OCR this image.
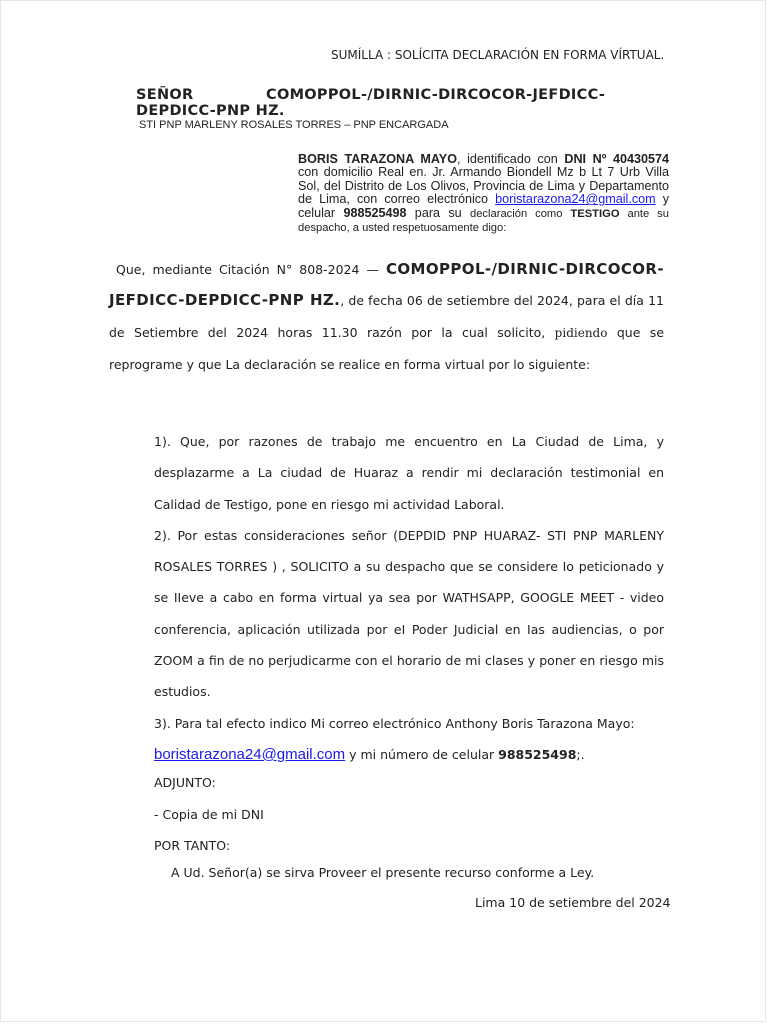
SUMÍLLA : SOLÍCITA DECLARACIÓN EN FORMA VÍRTUAL.
SEÑOR	COMOPPOL-/DIRNIC-DIRCOCOR-JEFDICC-
DEPDICC-PNP HZ.
STI PNP MARLENY ROSALES TORRES – PNP ENCARGADA
BORIS TARAZONA MAYO, identificado con DNI Nº 40430574 con domicilio Real en. Jr. Armando Biondell Mz b Lt 7 Urb Villa Sol, del Distrito de Los Olivos, Provincia de Lima y Departamento de Lima, con correo electrónico boristarazona24@gmail.com y celular 988525498 para su declaración como TESTIGO ante su despacho, a usted respetuosamente digo:
Que, mediante Citación N° 808-2024 — COMOPPOL-/DIRNIC-DIRCOCOR-JEFDICC-DEPDICC-PNP HZ., de fecha 06 de setiembre del 2024, para el día 11 de Setiembre del 2024 horas 11.30 razón por la cual solicito, pidiendo que se reprograme y que La declaración se realice en forma virtual por lo siguiente:

1). Que, por razones de trabajo me encuentro en La Ciudad de Lima, y desplazarme a La ciudad de Huaraz a rendir mi declaración testimonial en Calidad de Testigo, pone en riesgo mi actividad Laboral.

2). Por estas consideraciones señor (DEPDID PNP HUARAZ- STI PNP MARLENY ROSALES TORRES ) , SOLICITO a su despacho que se considere Io peticionado y se IIeve a cabo en forma virtual ya sea por WATHSAPP, GOOGLE MEET - video conferencia, aplicación utilizada por eI Poder Judicial en Ias audiencias, o por ZOOM a fin de no perjudicarme con el horario de mi clases y poner en riesgo mis estudios.

3). Para tal efecto indico Mi correo electrónico Anthony Boris Tarazona Mayo:

boristarazona24@gmail.com y mi número de celular 988525498;.

ADJUNTO:
- Copia de mi DNI
POR TANTO:
A Ud. Señor(a) se sirva Proveer el presente recurso conforme a Ley.
Lima 10 de setiembre del 2024
